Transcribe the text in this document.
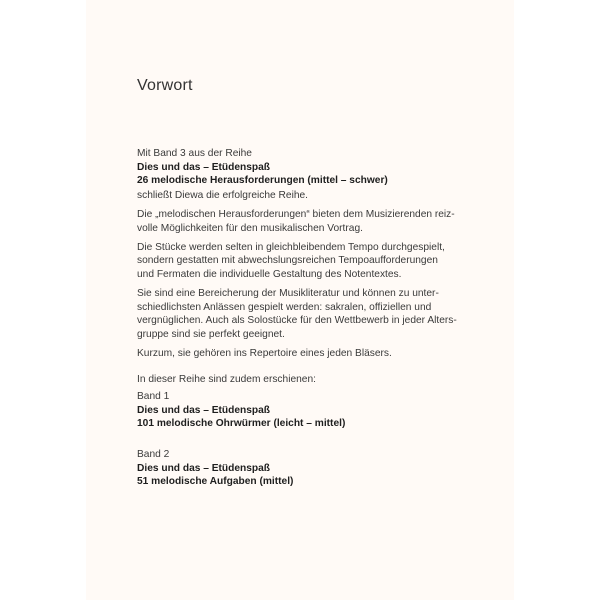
Vorwort
Mit Band 3 aus der Reihe
Dies und das – Etüdenspaß
26 melodische Herausforderungen (mittel – schwer)
schließt Diewa die erfolgreiche Reihe.
Die „melodischen Herausforderungen“ bieten dem Musizierenden reiz-
volle Möglichkeiten für den musikalischen Vortrag.
Die Stücke werden selten in gleichbleibendem Tempo durchgespielt,
sondern gestatten mit abwechslungsreichen Tempoaufforderungen
und Fermaten die individuelle Gestaltung des Notentextes.
Sie sind eine Bereicherung der Musikliteratur und können zu unter-
schiedlichsten Anlässen gespielt werden: sakralen, offiziellen und
vergnüglichen. Auch als Solostücke für den Wettbewerb in jeder Alters-
gruppe sind sie perfekt geeignet.
Kurzum, sie gehören ins Repertoire eines jeden Bläsers.
In dieser Reihe sind zudem erschienen:
Band 1
Dies und das – Etüdenspaß
101 melodische Ohrwürmer (leicht – mittel)
Band 2
Dies und das – Etüdenspaß
51 melodische Aufgaben (mittel)
